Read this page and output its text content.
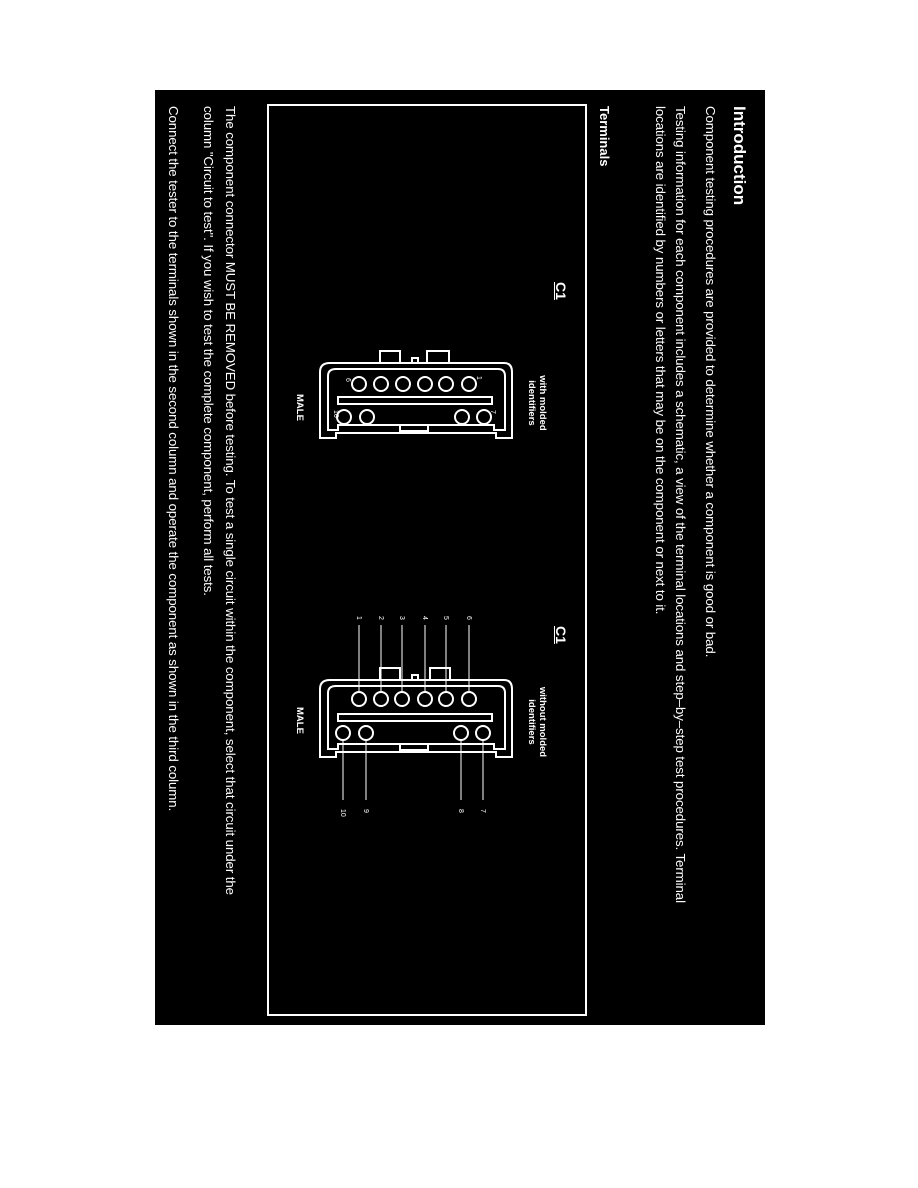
Introduction
Component testing procedures are provided to determine whether a component is good or bad.
Testing information for each component includes a schematic, a view of the terminal locations and step–by–step test procedures. Terminal
locations are identified by numbers or letters that may be on the component or next to it.
Terminals
The component connector MUST BE REMOVED before testing. To test a single circuit within the component, select that circuit under the
column "Circuit to test". If you wish to test the complete component, perform all tests.
Connect the tester to the terminals shown in the second column and operate the component as shown in the third column.	C1
with molded identifiers
MALE
1
6
7
10
C1
without molded identifiers
MALE
1 2 3 4 5 6
10 9	8 7
